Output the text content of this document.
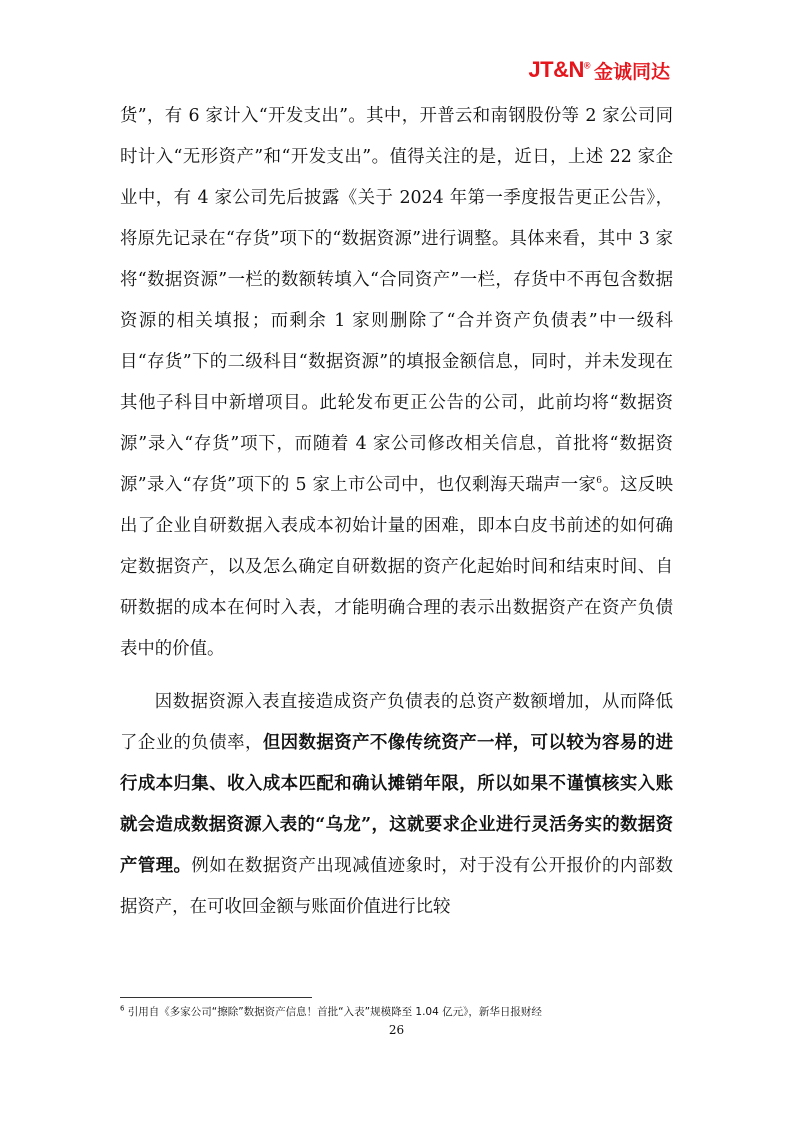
JT&N® 金诚同达

货”，有 6 家计入“开发支出”。其中，开普云和南钢股份等 2 家公司同时计入“无形资产”和“开发支出”。值得关注的是，近日，上述 22 家企业中，有 4 家公司先后披露《关于 2024 年第一季度报告更正公告》，将原先记录在“存货”项下的“数据资源”进行调整。具体来看，其中 3 家将“数据资源”一栏的数额转填入“合同资产”一栏，存货中不再包含数据资源的相关填报；而剩余 1 家则删除了“合并资产负债表”中一级科目“存货”下的二级科目“数据资源”的填报金额信息，同时，并未发现在其他子科目中新增项目。此轮发布更正公告的公司，此前均将“数据资源”录入“存货”项下，而随着 4 家公司修改相关信息，首批将“数据资源”录入“存货”项下的 5 家上市公司中，也仅剩海天瑞声一家$^6$。这反映出了企业自研数据入表成本初始计量的困难，即本白皮书前述的如何确定数据资产，以及怎么确定自研数据的资产化起始时间和结束时间、自研数据的成本在何时入表，才能明确合理的表示出数据资产在资产负债表中的价值。

因数据资源入表直接造成资产负债表的总资产数额增加，从而降低了企业的负债率，但因数据资产不像传统资产一样，可以较为容易的进行成本归集、收入成本匹配和确认摊销年限，所以如果不谨慎核实入账就会造成数据资源入表的“乌龙”，这就要求企业进行灵活务实的数据资产管理。例如在数据资产出现减值迹象时，对于没有公开报价的内部数据资产，在可收回金额与账面价值进行比较

$^6$ 引用自《多家公司“擦除”数据资产信息！首批“入表”规模降至 1.04 亿元》，新华日报财经

26
